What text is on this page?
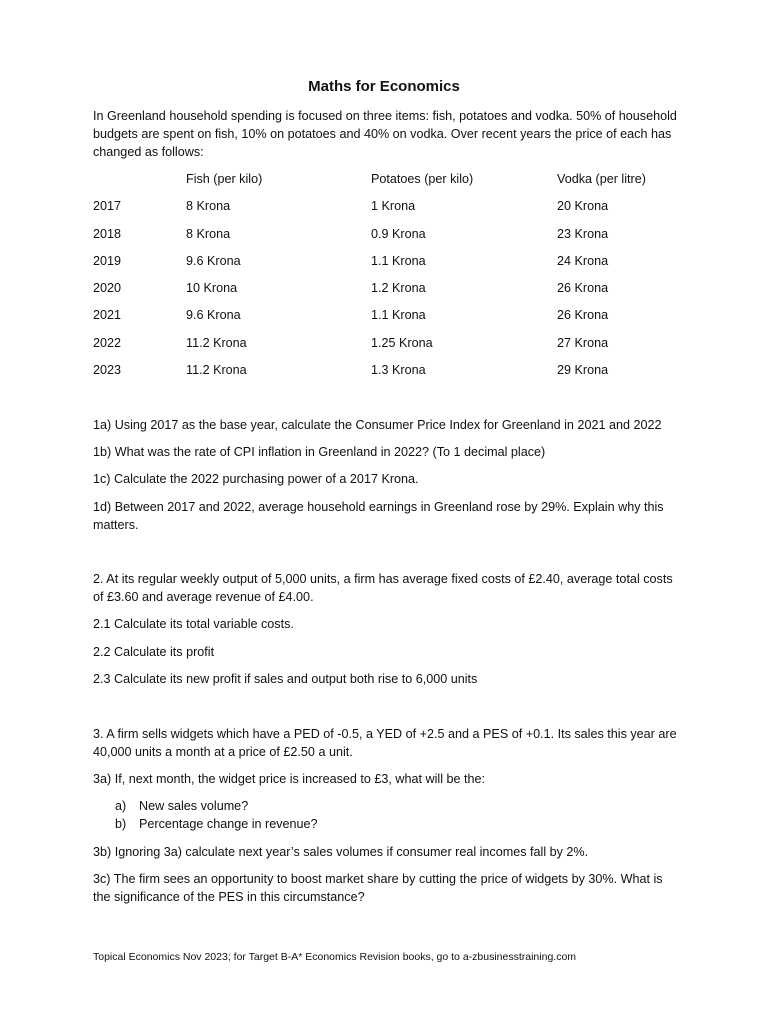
Maths for Economics

In Greenland household spending is focused on three items: fish, potatoes and vodka. 50% of household budgets are spent on fish, 10% on potatoes and 40% on vodka. Over recent years the price of each has changed as follows:

Fish (per kilo)	Potatoes (per kilo)	Vodka (per litre)
2017	8 Krona	1 Krona	20 Krona
2018	8 Krona	0.9 Krona	23 Krona
2019	9.6 Krona	1.1 Krona	24 Krona
2020	10 Krona	1.2 Krona	26 Krona
2021	9.6 Krona	1.1 Krona	26 Krona
2022	11.2 Krona	1.25 Krona	27 Krona
2023	11.2 Krona	1.3 Krona	29 Krona

1a) Using 2017 as the base year, calculate the Consumer Price Index for Greenland in 2021 and 2022

1b) What was the rate of CPI inflation in Greenland in 2022? (To 1 decimal place)

1c) Calculate the 2022 purchasing power of a 2017 Krona.

1d) Between 2017 and 2022, average household earnings in Greenland rose by 29%. Explain why this matters.

2. At its regular weekly output of 5,000 units, a firm has average fixed costs of £2.40, average total costs of £3.60 and average revenue of £4.00.

2.1 Calculate its total variable costs.

2.2 Calculate its profit

2.3 Calculate its new profit if sales and output both rise to 6,000 units

3. A firm sells widgets which have a PED of -0.5, a YED of +2.5 and a PES of +0.1. Its sales this year are 40,000 units a month at a price of £2.50 a unit.

3a) If, next month, the widget price is increased to £3, what will be the:

a) New sales volume?
b) Percentage change in revenue?

3b) Ignoring 3a) calculate next year’s sales volumes if consumer real incomes fall by 2%.

3c) The firm sees an opportunity to boost market share by cutting the price of widgets by 30%. What is the significance of the PES in this circumstance?

Topical Economics Nov 2023; for Target B-A* Economics Revision books, go to a-zbusinesstraining.com
